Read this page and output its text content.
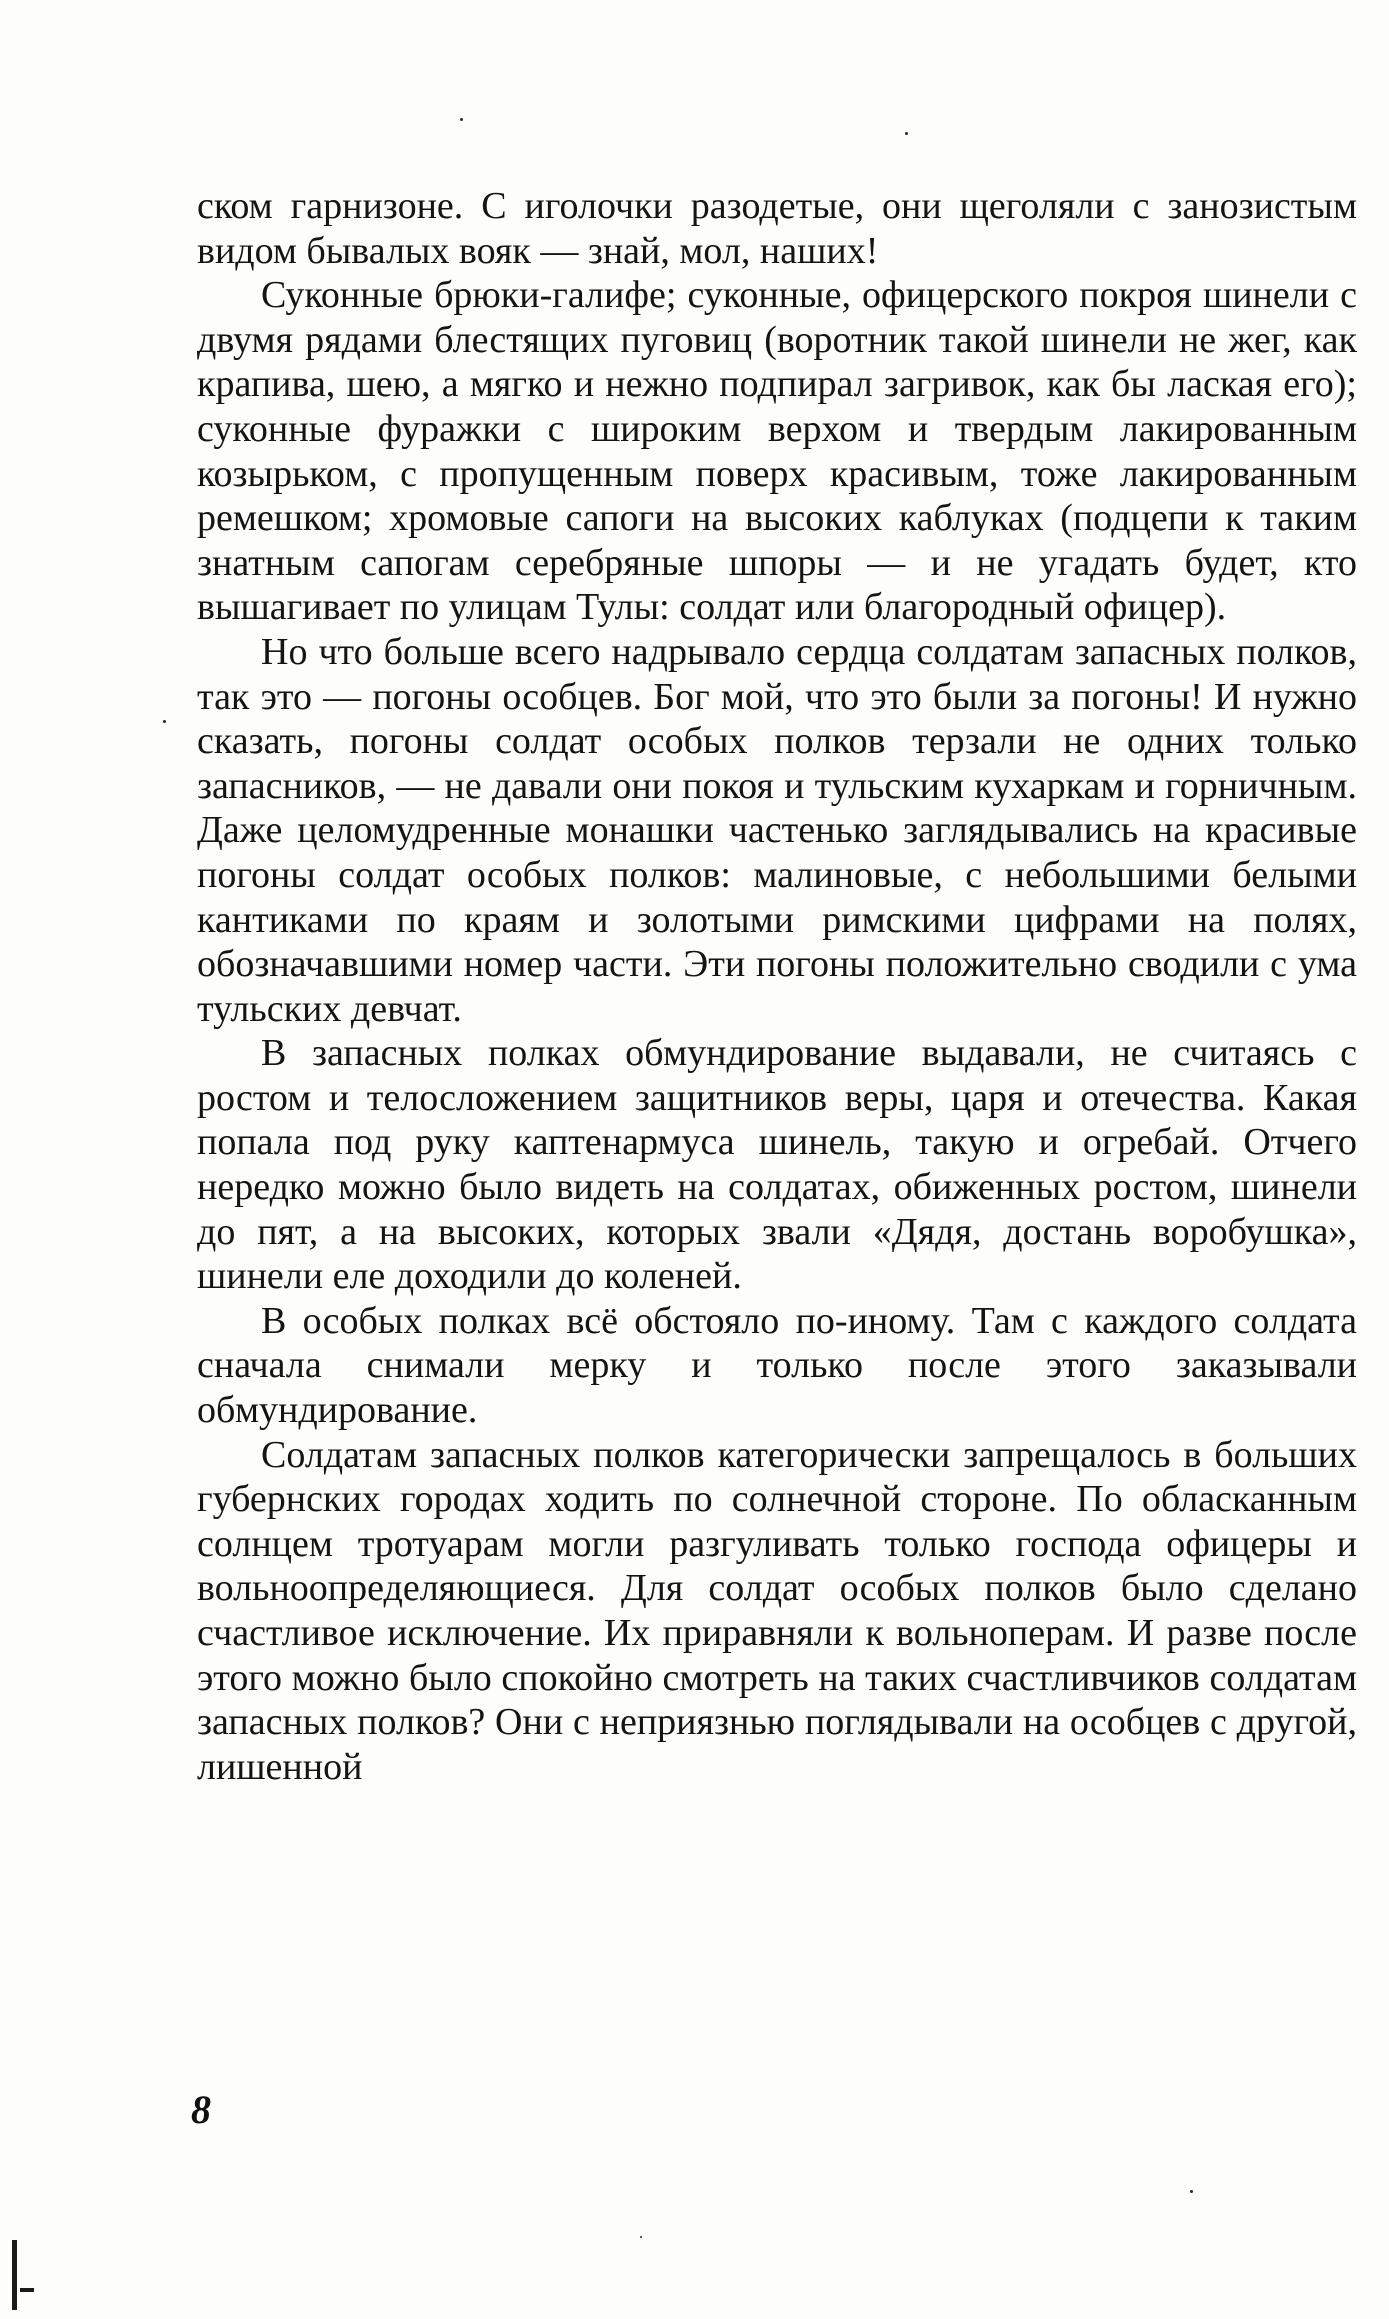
ском гарнизоне. С иголочки разодетые, они щеголяли с занозистым видом бывалых вояк — знай, мол, наших!

Суконные брюки-галифе; суконные, офицерского покроя шинели с двумя рядами блестящих пуговиц (воротник такой шинели не жег, как крапива, шею, а мягко и нежно подпирал загривок, как бы лаская его); суконные фуражки с широким верхом и твердым лакированным козырьком, с пропущенным поверх красивым, тоже лакированным ремешком; хромовые сапоги на высоких каблуках (подцепи к таким знатным сапогам серебряные шпоры — и не угадать будет, кто вышагивает по улицам Тулы: солдат или благородный офицер).

Но что больше всего надрывало сердца солдатам запасных полков, так это — погоны особцев. Бог мой, что это были за погоны! И нужно сказать, погоны солдат особых полков терзали не одних только запасников, — не давали они покоя и тульским кухаркам и горничным. Даже целомудренные монашки частенько заглядывались на красивые погоны солдат особых полков: малиновые, с небольшими белыми кантиками по краям и золотыми римскими цифрами на полях, обозначавшими номер части. Эти погоны положительно сводили с ума тульских девчат.

В запасных полках обмундирование выдавали, не считаясь с ростом и телосложением защитников веры, царя и отечества. Какая попала под руку каптенармуса шинель, такую и огребай. Отчего нередко можно было видеть на солдатах, обиженных ростом, шинели до пят, а на высоких, которых звали «Дядя, достань воробушка», шинели еле доходили до коленей.

В особых полках всё обстояло по-иному. Там с каждого солдата сначала снимали мерку и только после этого заказывали обмундирование.

Солдатам запасных полков категорически запрещалось в больших губернских городах ходить по солнечной стороне. По обласканным солнцем тротуарам могли разгуливать только господа офицеры и вольноопределяющиеся. Для солдат особых полков было сделано счастливое исключение. Их приравняли к вольноперам. И разве после этого можно было спокойно смотреть на таких счастливчиков солдатам запасных полков? Они с неприязнью поглядывали на особцев с другой, лишенной

8
